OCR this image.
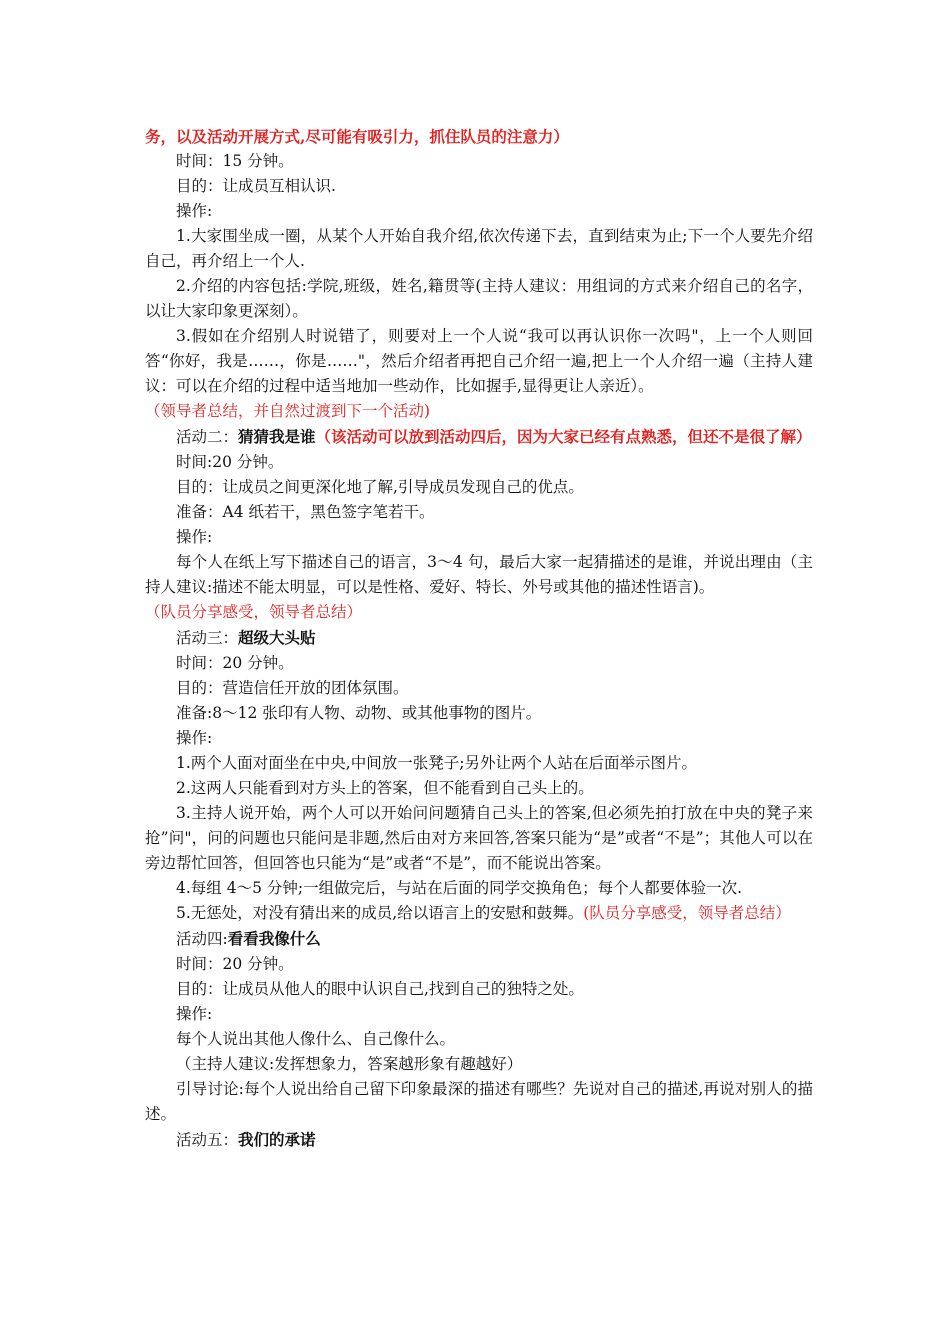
务，以及活动开展方式,尽可能有吸引力，抓住队员的注意力）

时间：15 分钟。

目的：让成员互相认识.

操作:

1.大家围坐成一圈，从某个人开始自我介绍,依次传递下去，直到结束为止;下一个人要先介绍自己，再介绍上一个人.

2.介绍的内容包括:学院,班级，姓名,籍贯等(主持人建议：用组词的方式来介绍自己的名字，以让大家印象更深刻）。

3.假如在介绍别人时说错了，则要对上一个人说“我可以再认识你一次吗"，上一个人则回答“你好，我是……，你是……"，然后介绍者再把自己介绍一遍,把上一个人介绍一遍（主持人建议：可以在介绍的过程中适当地加一些动作，比如握手,显得更让人亲近）。

（领导者总结，并自然过渡到下一个活动)

活动二：猜猜我是谁（该活动可以放到活动四后，因为大家已经有点熟悉，但还不是很了解）

时间:20 分钟。

目的：让成员之间更深化地了解,引导成员发现自己的优点。

准备：A4 纸若干，黑色签字笔若干。

操作:

每个人在纸上写下描述自己的语言，3～4 句，最后大家一起猜描述的是谁，并说出理由（主持人建议:描述不能太明显，可以是性格、爱好、特长、外号或其他的描述性语言)。

（队员分享感受，领导者总结）

活动三：超级大头贴

时间：20 分钟。

目的：营造信任开放的团体氛围。

准备:8～12 张印有人物、动物、或其他事物的图片。

操作:

1.两个人面对面坐在中央,中间放一张凳子;另外让两个人站在后面举示图片。

2.这两人只能看到对方头上的答案，但不能看到自己头上的。

3.主持人说开始，两个人可以开始问问题猜自己头上的答案,但必须先拍打放在中央的凳子来抢”问"，问的问题也只能问是非题,然后由对方来回答,答案只能为“是”或者“不是”；其他人可以在旁边帮忙回答，但回答也只能为“是”或者“不是”，而不能说出答案。

4.每组 4～5 分钟;一组做完后，与站在后面的同学交换角色；每个人都要体验一次.

5.无惩处，对没有猜出来的成员,给以语言上的安慰和鼓舞。(队员分享感受，领导者总结）

活动四:看看我像什么

时间：20 分钟。

目的：让成员从他人的眼中认识自己,找到自己的独特之处。

操作:

每个人说出其他人像什么、自己像什么。

（主持人建议:发挥想象力，答案越形象有趣越好）

引导讨论:每个人说出给自己留下印象最深的描述有哪些？先说对自己的描述,再说对别人的描述。

活动五：我们的承诺
